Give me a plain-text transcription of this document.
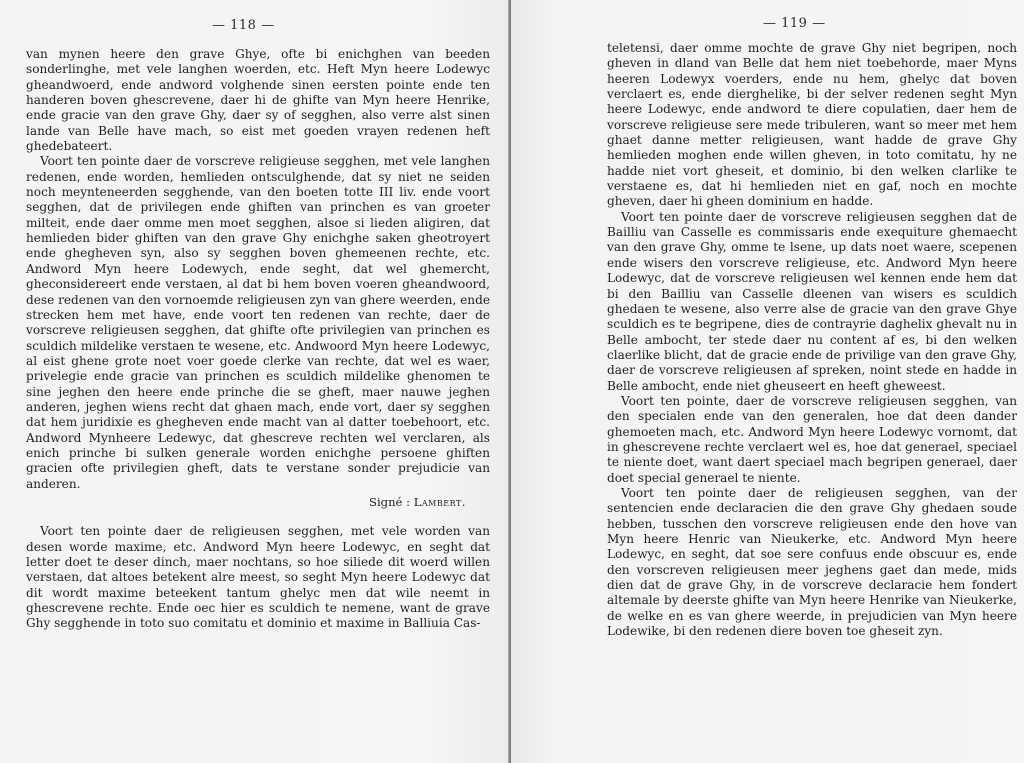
— 118 —

van mynen heere den grave Ghye, ofte bi enichghen van beeden sonderlinghe, met vele langhen woerden, etc. Heft Myn heere Lodewyc gheandwoerd, ende andword volghende sinen eersten pointe ende ten handeren boven ghescrevene, daer hi de ghifte van Myn heere Henrike, ende gracie van den grave Ghy, daer sy of segghen, also verre alst sinen lande van Belle have mach, so eist met goeden vrayen redenen heft ghedebateert.

Voort ten pointe daer de vorscreve religieuse segghen, met vele langhen redenen, ende worden, hemlieden ontsculghende, dat sy niet ne seiden noch meyntenеerden segghende, van den boeten totte III liv. ende voort segghen, dat de privilegen ende ghiften van princhen es van groeter milteit, ende daer omme men moet segghen, alsoe si lieden aligiren, dat hemlieden bider ghiften van den grave Ghy enichghe saken gheotroyert ende ghegheven syn, also sy segghen boven ghemeenen rechte, etc. Andword Myn heere Lodewych, ende seght, dat wel ghemercht, gheconsidereert ende verstaen, al dat bi hem boven voeren gheandwoord, dese redenen van den vornoemde religieusen zyn van ghere weerden, ende strecken hem met have, ende voort ten redenen van rechte, daer de vorscreve religieusen segghen, dat ghifte ofte privilegien van princhen es sculdich mildelike verstaen te wesene, etc. Andwoord Myn heere Lodewyc, al eist ghene grote noet voer goede clerke van rechte, dat wel es waer, privelegie ende gracie van princhen es sculdich mildelike ghenomen te sine jeghen den heere ende prinche die se gheft, maer nauwe jeghen anderen, jeghen wiens recht dat ghaen mach, ende vort, daer sy segghen dat hem juridixie es ghegheven ende macht van al datter toebehoort, etc. Andword Mynheere Ledewyc, dat ghescreve rechten wel verclaren, als enich prinche bi sulken generale worden enichghe persoene ghiften gracien ofte privilegien gheft, dats te verstane sonder prejudicie van anderen.

Signé : Lambert.

Voort ten pointe daer de religieusen segghen, met vele worden van desen worde maxime, etc. Andword Myn heere Lodewyc, en seght dat letter doet te deser dinch, maer nochtans, so hoe siliede dit woerd willen verstaen, dat altoes betekent alre meest, so seght Myn heere Lodewyc dat dit wordt maxime beteekent tantum ghelyc men dat wile neemt in ghescrevene rechte. Ende oec hier es sculdich te nemene, want de grave Ghy segghende in toto suo comitatu et dominio et maxime in Balliuia Cas-

— 119 —

teletensi, daer omme mochte de grave Ghy niet begripen, noch gheven in dland van Belle dat hem niet toebehorde, maer Myns heeren Lodewyx voerders, ende nu hem, ghelyc dat boven verclaert es, ende dierghelike, bi der selver redenen seght Myn heere Lodewyc, ende andword te diere copulatien, daer hem de vorscreve religieuse sere mede tribuleren, want so meer met hem ghaet danne metter religieusen, want hadde de grave Ghy hemlieden moghen ende willen gheven, in toto comitatu, hy ne hadde niet vort gheseit, et dominio, bi den welken clarlike te verstaene es, dat hi hemlieden niet en gaf, noch en mochte gheven, daer hi gheen dominium en hadde.

Voort ten pointe daer de vorscreve religieusen segghen dat de Bailliu van Casselle es commissaris ende exequiture ghemaecht van den grave Ghy, omme te lsene, up dats noet waere, scepenen ende wisers den vorscreve religieuse, etc. Andword Myn heere Lodewyc, dat de vorscreve religieusen wel kennen ende hem dat bi den Bailliu van Casselle dleenen van wisers es sculdich ghedaen te wesene, also verre alse de gracie van den grave Ghye sculdich es te begripene, dies de contrayrie daghelix ghevalt nu in Belle ambocht, ter stede daer nu content af es, bi den welken claerlike blicht, dat de gracie ende de privilige van den grave Ghy, daer de vorscreve religieusen af spreken, noint stede en hadde in Belle ambocht, ende niet gheuseert en heeft gheweest.

Voort ten pointe, daer de vorscreve religieusen segghen, van den specialen ende van den generalen, hoe dat deen dander ghemoeten mach, etc. Andword Myn heere Lodewyc vornomt, dat in ghescrevene rechte verclaert wel es, hoe dat generael, speciael te niente doet, want daert speciael mach begripen generael, daer doet special generael te niente.

Voort ten pointe daer de religieusen segghen, van der sentencien ende declaracien die den grave Ghy ghedaen soude hebben, tusschen den vorscreve religieusen ende den hove van Myn heere Henric van Nieukerke, etc. Andword Myn heere Lodewyc, en seght, dat soe sere confuus ende obscuur es, ende den vorscreven religieusen meer jeghens gaet dan mede, mids dien dat de grave Ghy, in de vorscreve declaracie hem fondert altemale by deerste ghifte van Myn heere Henrike van Nieukerke, de welke en es van ghere weerde, in prejudicien van Myn heere Lodewike, bi den redenen diere boven toe gheseit zyn.
